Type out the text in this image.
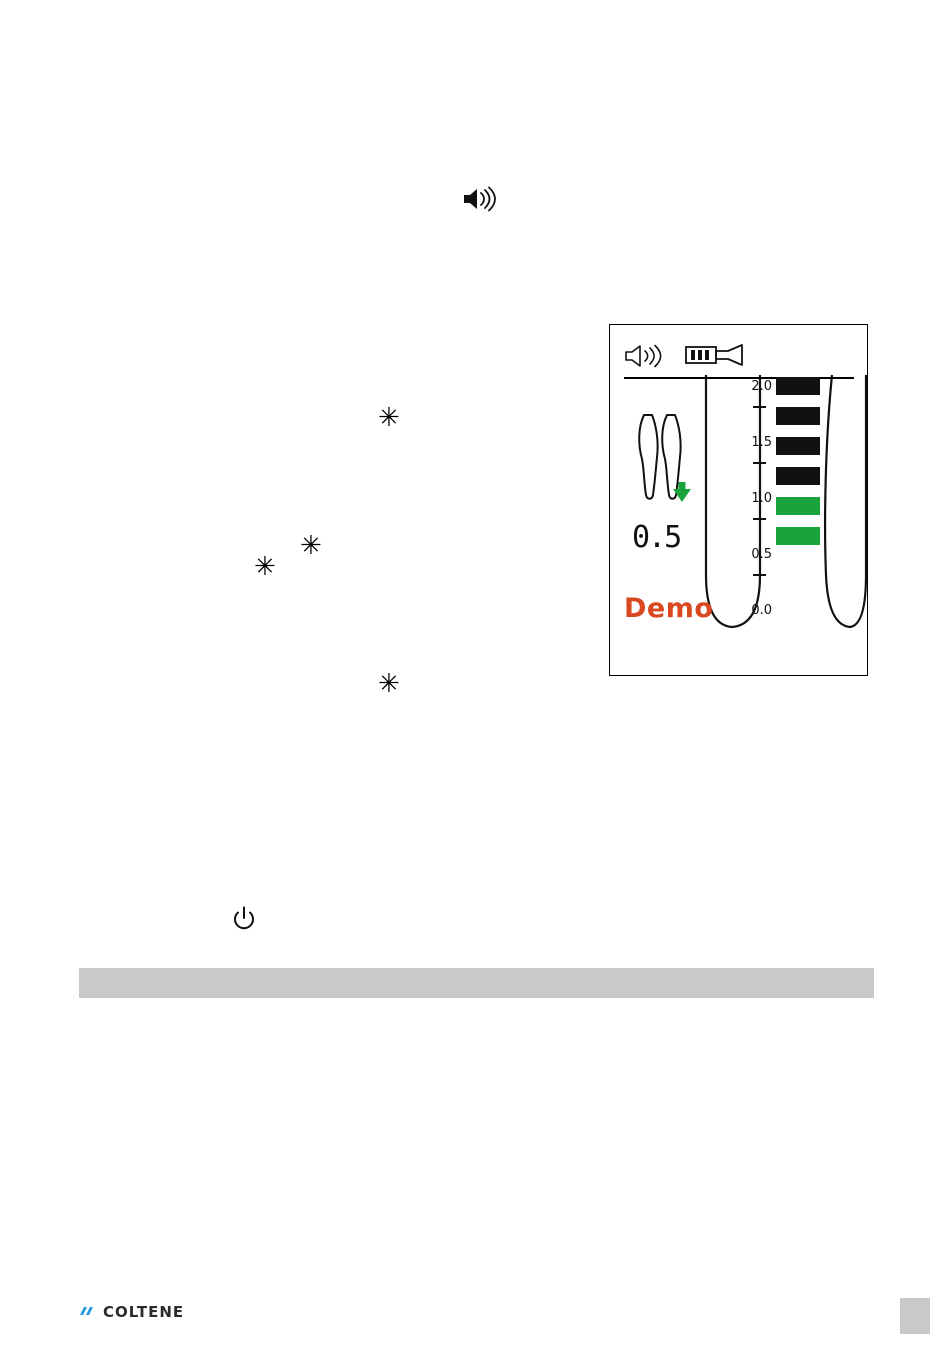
✳
✳
✳
✳
0.5
Demo
2.0
1.5
1.0
0.5
0.0
COLTENE
